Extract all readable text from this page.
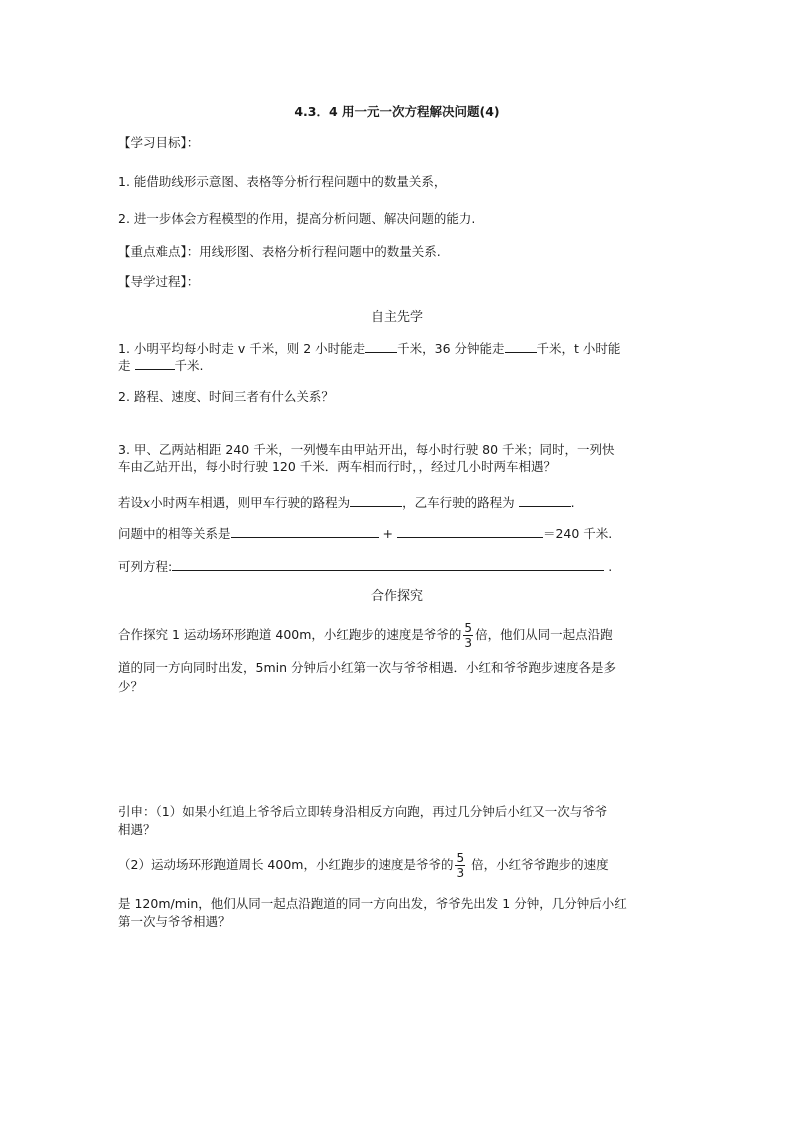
4.3．4 用一元一次方程解决问题(4)
【学习目标】：
1. 能借助线形示意图、表格等分析行程问题中的数量关系，
2. 进一步体会方程模型的作用，提高分析问题、解决问题的能力.
【重点难点】：用线形图、表格分析行程问题中的数量关系.
【导学过程】：
自主先学
1. 小明平均每小时走 v 千米，则 2 小时能走	千米，36 分钟能走	千米，t 小时能
走	千米.
2. 路程、速度、时间三者有什么关系？
3. 甲、乙两站相距 240 千米，一列慢车由甲站开出，每小时行驶 80 千米；同时，一列快
车由乙站开出，每小时行驶 120 千米．两车相而行时，，经过几小时两车相遇？
若设x小时两车相遇，则甲车行驶的路程为	，乙车行驶的路程为	.
问题中的相等关系是	+	＝240 千米.
可列方程:	.
合作探究
合作探究 1 运动场环形跑道 400m，小红跑步的速度是爷爷的 $\frac{5}{3}$ 倍，他们从同一起点沿跑
道的同一方向同时出发，5min 分钟后小红第一次与爷爷相遇．小红和爷爷跑步速度各是多
少？
引申：（1）如果小红追上爷爷后立即转身沿相反方向跑，再过几分钟后小红又一次与爷爷
相遇？
（2）运动场环形跑道周长 400m，小红跑步的速度是爷爷的 $\frac{5}{3}$ 倍，小红爷爷跑步的速度
是 120m/min，他们从同一起点沿跑道的同一方向出发，爷爷先出发 1 分钟，几分钟后小红
第一次与爷爷相遇？
